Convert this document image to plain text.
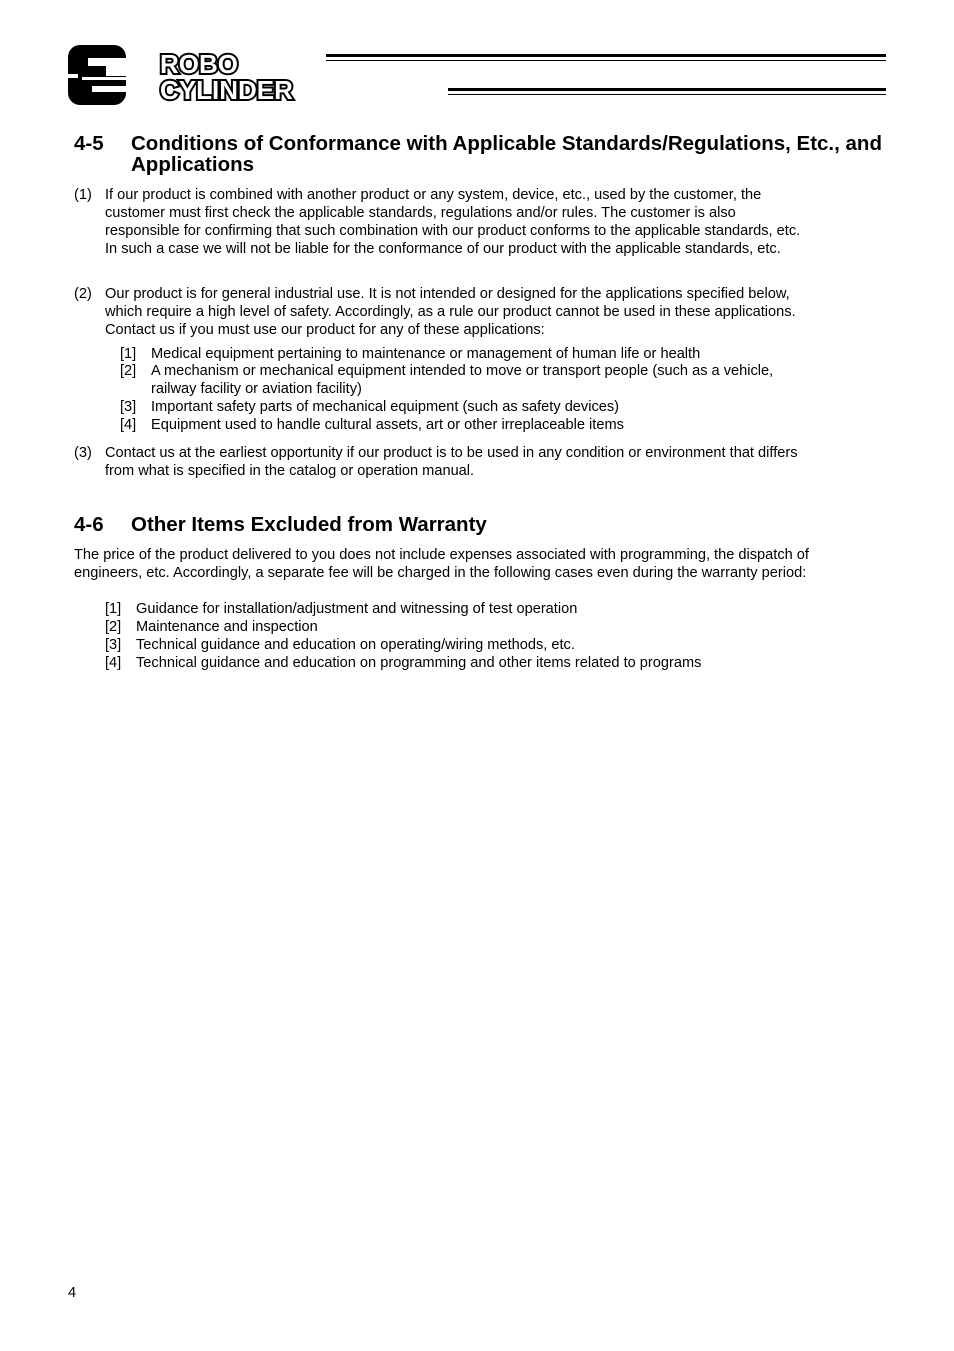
ROBO
CYLINDER
4-5	Conditions of Conformance with Applicable Standards/Regulations, Etc., and Applications
(1) If our product is combined with another product or any system, device, etc., used by the customer, the customer must first check the applicable standards, regulations and/or rules. The customer is also responsible for confirming that such combination with our product conforms to the applicable standards, etc. In such a case we will not be liable for the conformance of our product with the applicable standards, etc.
(2) Our product is for general industrial use. It is not intended or designed for the applications specified below, which require a high level of safety. Accordingly, as a rule our product cannot be used in these applications. Contact us if you must use our product for any of these applications:
[1]	Medical equipment pertaining to maintenance or management of human life or health
[2]	A mechanism or mechanical equipment intended to move or transport people (such as a vehicle, railway facility or aviation facility)
[3]	Important safety parts of mechanical equipment (such as safety devices)
[4]	Equipment used to handle cultural assets, art or other irreplaceable items
(3) Contact us at the earliest opportunity if our product is to be used in any condition or environment that differs from what is specified in the catalog or operation manual.
4-6	Other Items Excluded from Warranty
The price of the product delivered to you does not include expenses associated with programming, the dispatch of engineers, etc. Accordingly, a separate fee will be charged in the following cases even during the warranty period:
[1]	Guidance for installation/adjustment and witnessing of test operation
[2]	Maintenance and inspection
[3]	Technical guidance and education on operating/wiring methods, etc.
[4]	Technical guidance and education on programming and other items related to programs
4
